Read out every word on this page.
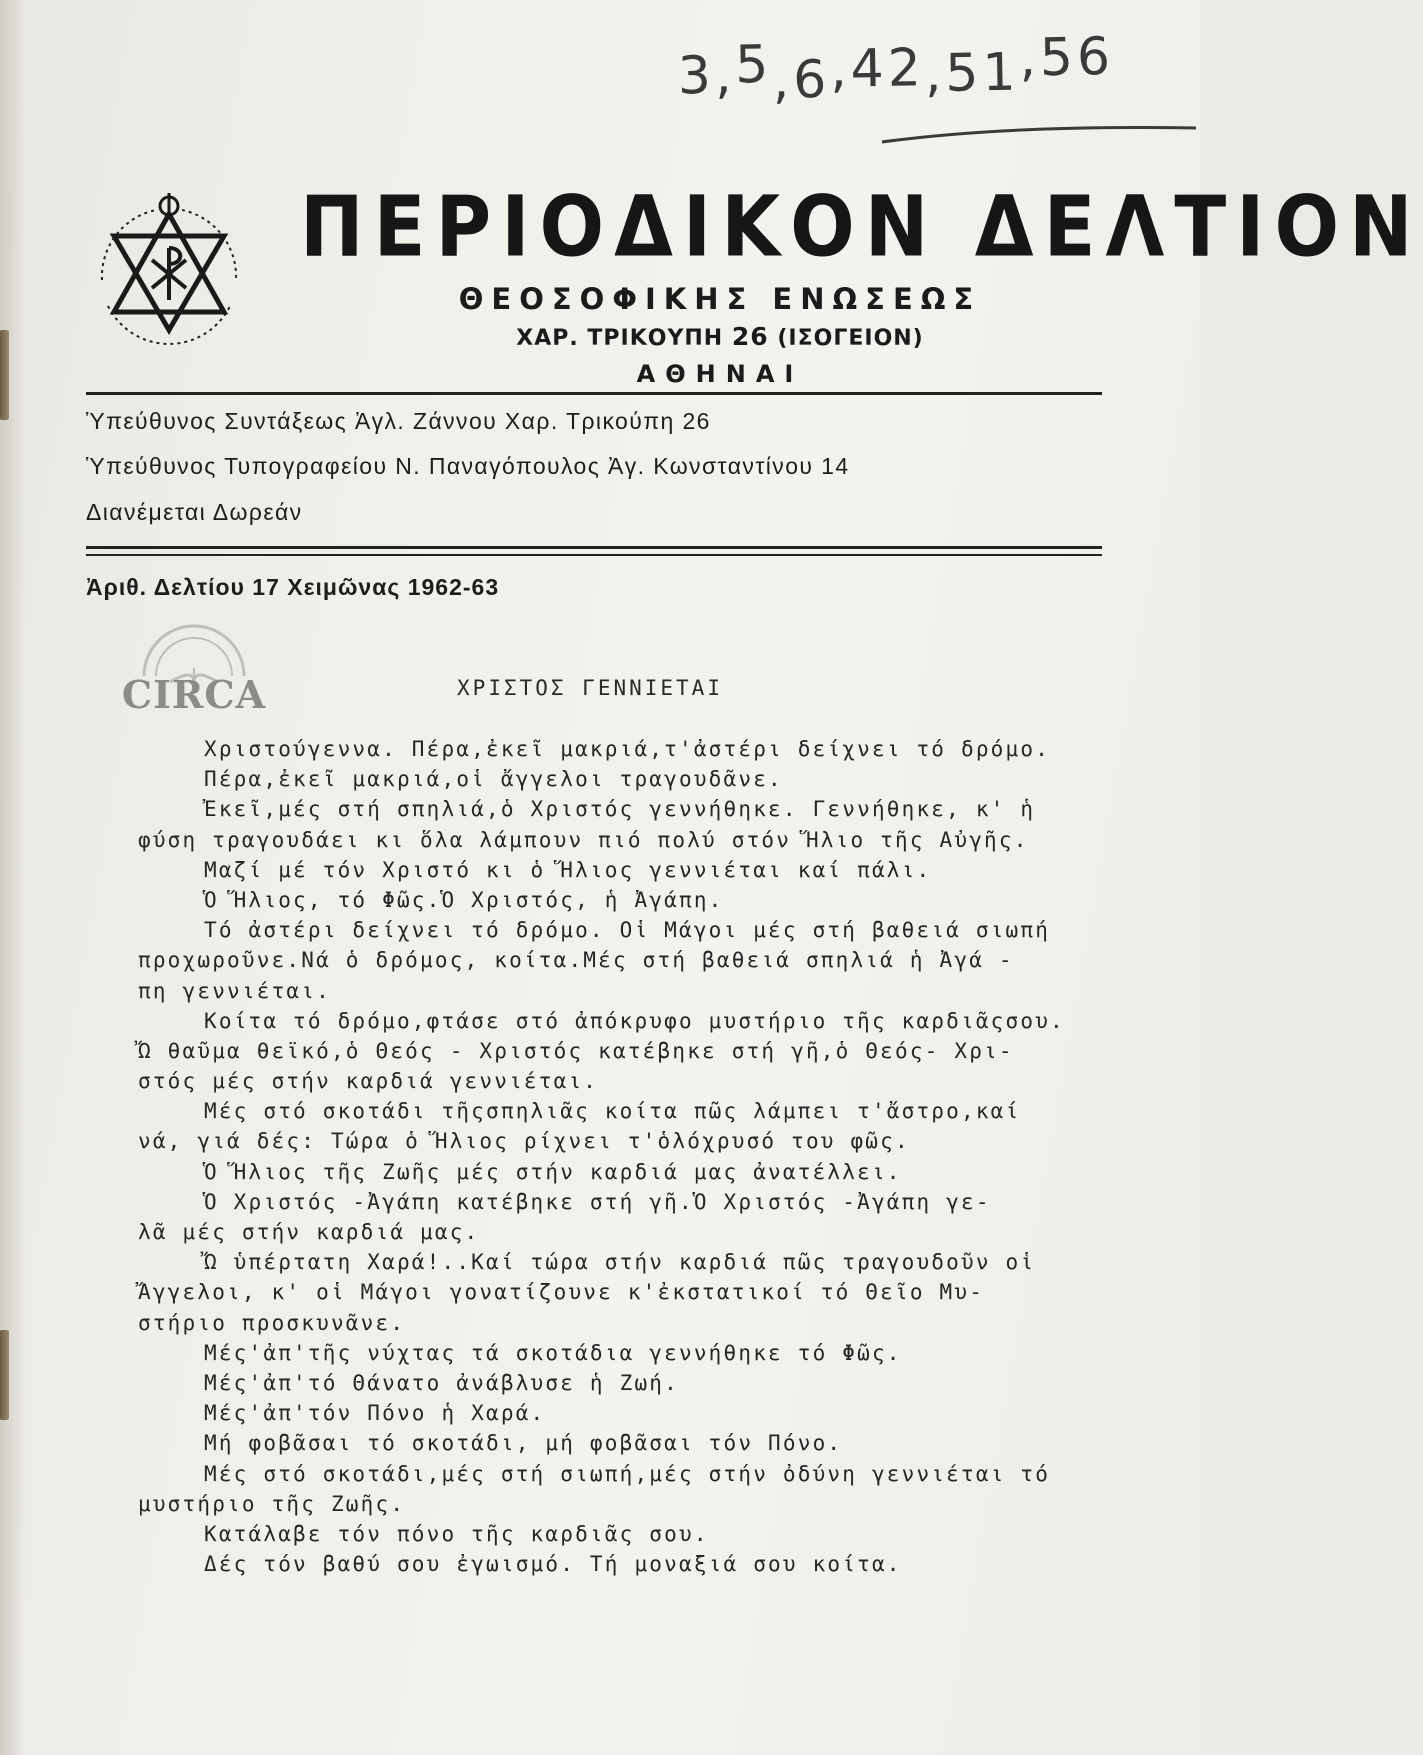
3,5,6,42,51,56
ΠΕΡΙΟΔΙΚΟΝ ΔΕΛΤΙΟΝ
ΘΕΟΣΟΦΙΚΗΣ ΕΝΩΣΕΩΣ
ΧΑΡ. ΤΡΙΚΟΥΠΗ 26 (ΙΣΟΓΕΙΟΝ)
ΑΘΗΝΑΙ
Ὑπεύθυνος Συντάξεως Ἀγλ. Ζάννου Χαρ. Τρικούπη 26
Ὑπεύθυνος Τυπογραφείου Ν. Παναγόπουλος Ἀγ. Κωνσταντίνου 14
Διανέμεται Δωρεάν
Ἀριθ. Δελτίου 17 Χειμῶνας 1962-63
CIRCA	ΧΡΙΣΤΟΣ ΓΕΝΝΙΕΤΑΙ
Χριστούγεννα. Πέρα,ἐκεῖ μακριά,τ'ἀστέρι δείχνει τό δρόμο.
Πέρα,ἐκεῖ μακριά,οἱ ἄγγελοι τραγουδᾶνε.
Ἐκεῖ,μές στή σπηλιά,ὁ Χριστός γεννήθηκε. Γεννήθηκε, κ' ἡ
φύση τραγουδάει κι ὅλα λάμπουν πιό πολύ στόν Ἥλιο τῆς Αὐγῆς.
Μαζί μέ τόν Χριστό κι ὁ Ἥλιος γεννιέται καί πάλι.
Ὁ Ἥλιος, τό Φῶς.Ὁ Χριστός, ἡ Ἀγάπη.
Τό ἀστέρι δείχνει τό δρόμο. Οἱ Μάγοι μές στή βαθειά σιωπή
προχωροῦνε.Νά ὁ δρόμος, κοίτα.Μές στή βαθειά σπηλιά ἡ Ἀγά -
πη γεννιέται.
Κοίτα τό δρόμο,φτάσε στό ἀπόκρυφο μυστήριο τῆς καρδιᾶςσου.
Ὤ θαῦμα θεϊκό,ὁ Θεός - Χριστός κατέβηκε στή γῆ,ὁ Θεός- Χρι-
στός μές στήν καρδιά γεννιέται.
Μές στό σκοτάδι τῆςσπηλιᾶς κοίτα πῶς λάμπει τ'ἄστρο,καί
νά, γιά δές: Τώρα ὁ Ἥλιος ρίχνει τ'ὁλόχρυσό του φῶς.
Ὁ Ἥλιος τῆς Ζωῆς μές στήν καρδιά μας ἀνατέλλει.
Ὁ Χριστός -Ἀγάπη κατέβηκε στή γῆ.Ὁ Χριστός -Ἀγάπη γε-
λᾶ μές στήν καρδιά μας.
Ὤ ὑπέρτατη Χαρά!..Καί τώρα στήν καρδιά πῶς τραγουδοῦν οἱ
Ἄγγελοι, κ' οἱ Μάγοι γονατίζουνε κ'ἐκστατικοί τό Θεῖο Μυ-
στήριο προσκυνᾶνε.
Μές'ἀπ'τῆς νύχτας τά σκοτάδια γεννήθηκε τό Φῶς.
Μές'ἀπ'τό Θάνατο ἀνάβλυσε ἡ Ζωή.
Μές'ἀπ'τόν Πόνο ἡ Χαρά.
Μή φοβᾶσαι τό σκοτάδι, μή φοβᾶσαι τόν Πόνο.
Μές στό σκοτάδι,μές στή σιωπή,μές στήν ὀδύνη γεννιέται τό
μυστήριο τῆς Ζωῆς.
Κατάλαβε τόν πόνο τῆς καρδιᾶς σου.
Δές τόν βαθύ σου ἐγωισμό. Τή μοναξιά σου κοίτα.
